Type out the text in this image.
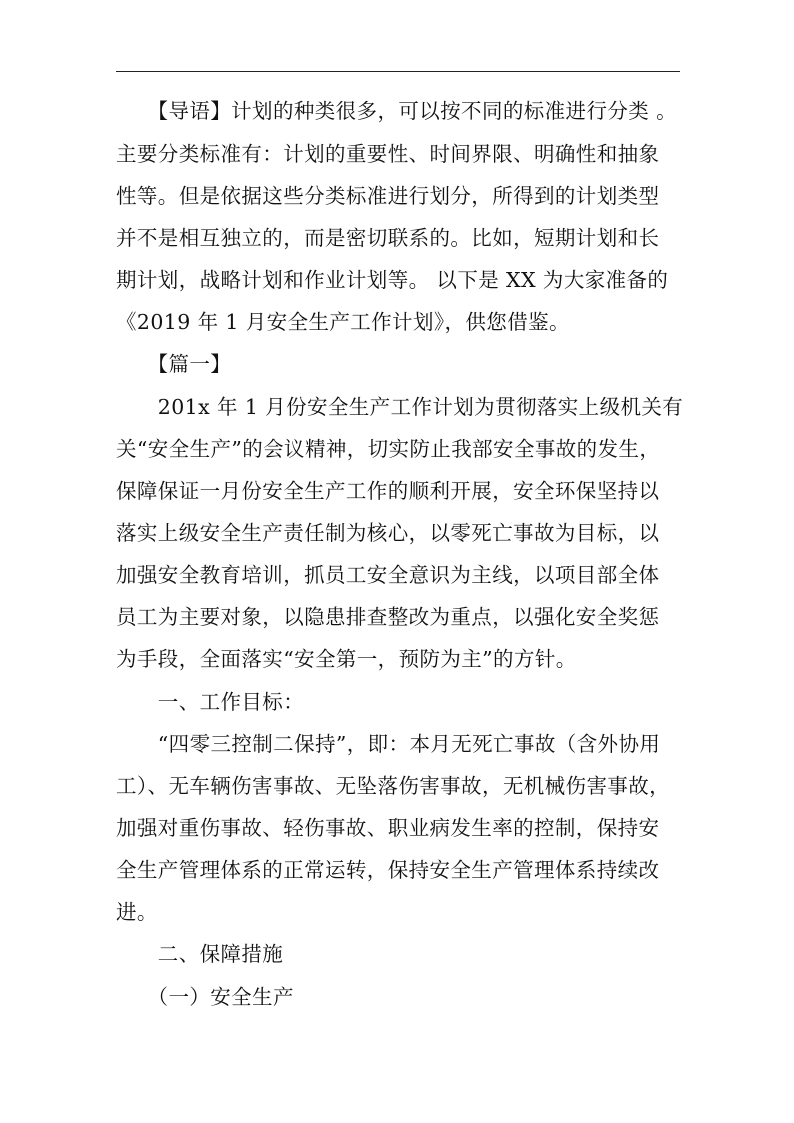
　　【导语】计划的种类很多，可以按不同的标准进行分类 。
主要分类标准有：计划的重要性、时间界限、明确性和抽象
性等。但是依据这些分类标准进行划分，所得到的计划类型
并不是相互独立的，而是密切联系的。比如，短期计划和长
期计划，战略计划和作业计划等。 以下是 XX 为大家准备的
《2019 年 1 月安全生产工作计划》，供您借鉴。
　　【篇一】
　　201x 年 1 月份安全生产工作计划为贯彻落实上级机关有
关“安全生产”的会议精神，切实防止我部安全事故的发生，
保障保证一月份安全生产工作的顺利开展，安全环保坚持以
落实上级安全生产责任制为核心，以零死亡事故为目标，以
加强安全教育培训，抓员工安全意识为主线，以项目部全体
员工为主要对象，以隐患排查整改为重点，以强化安全奖惩
为手段，全面落实“安全第一，预防为主”的方针。
　　一、工作目标：
　　“四零三控制二保持”，即：本月无死亡事故（含外协用
工）、无车辆伤害事故、无坠落伤害事故，无机械伤害事故，
加强对重伤事故、轻伤事故、职业病发生率的控制，保持安
全生产管理体系的正常运转，保持安全生产管理体系持续改
进。
　　二、保障措施
　　（一）安全生产
